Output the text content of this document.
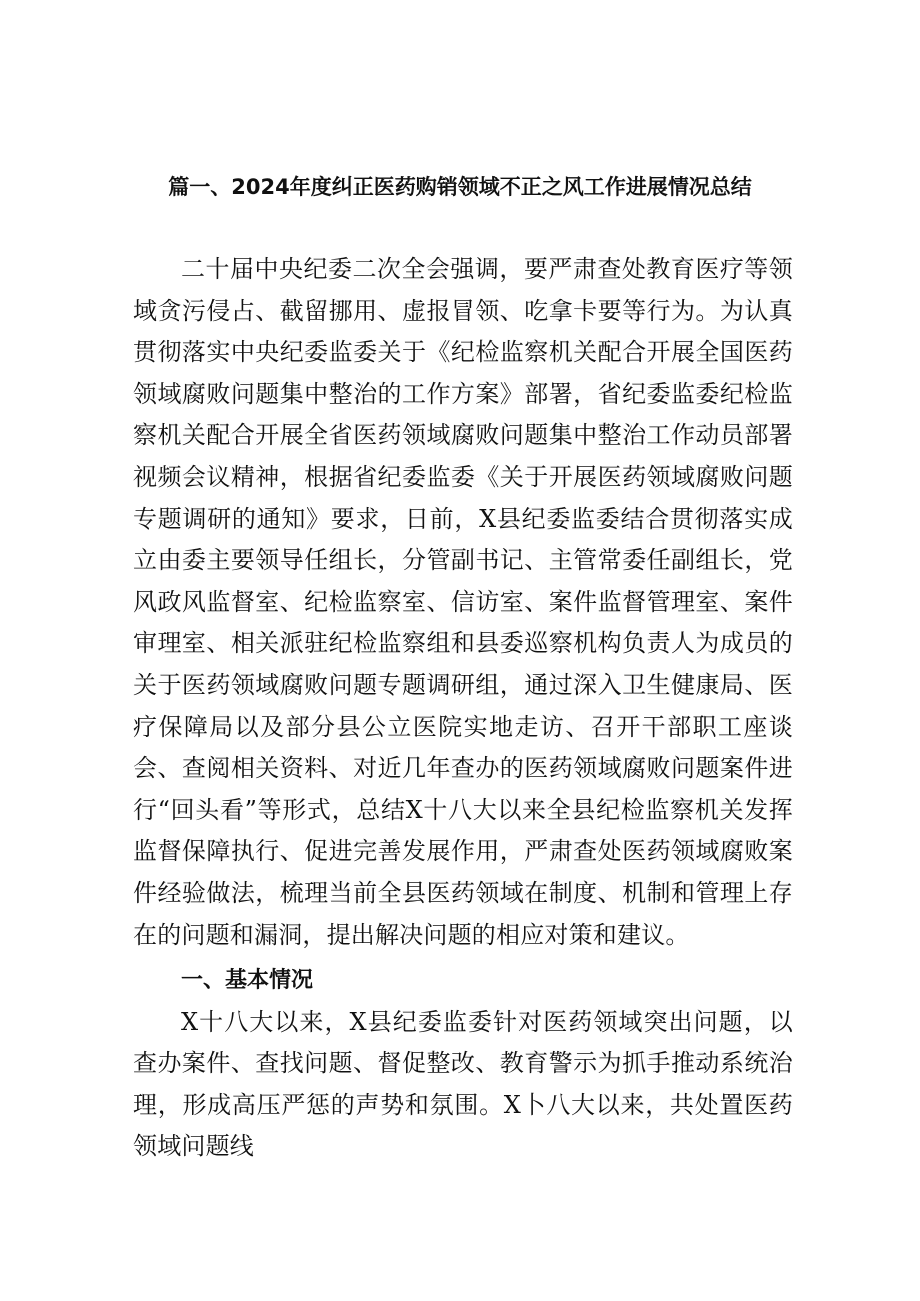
篇一、2024年度纠正医药购销领域不正之风工作进展情况总结

二十届中央纪委二次全会强调，要严肃查处教育医疗等领域贪污侵占、截留挪用、虚报冒领、吃拿卡要等行为。为认真贯彻落实中央纪委监委关于《纪检监察机关配合开展全国医药领域腐败问题集中整治的工作方案》部署，省纪委监委纪检监察机关配合开展全省医药领域腐败问题集中整治工作动员部署视频会议精神，根据省纪委监委《关于开展医药领域腐败问题专题调研的通知》要求，日前，X县纪委监委结合贯彻落实成立由委主要领导任组长，分管副书记、主管常委任副组长，党风政风监督室、纪检监察室、信访室、案件监督管理室、案件审理室、相关派驻纪检监察组和县委巡察机构负责人为成员的关于医药领域腐败问题专题调研组，通过深入卫生健康局、医疗保障局以及部分县公立医院实地走访、召开干部职工座谈会、查阅相关资料、对近几年查办的医药领域腐败问题案件进行“回头看”等形式，总结X十八大以来全县纪检监察机关发挥监督保障执行、促进完善发展作用，严肃查处医药领域腐败案件经验做法，梳理当前全县医药领域在制度、机制和管理上存在的问题和漏洞，提出解决问题的相应对策和建议。

一、基本情况

X十八大以来，X县纪委监委针对医药领域突出问题，以查办案件、查找问题、督促整改、教育警示为抓手推动系统治理，形成高压严惩的声势和氛围。X卜八大以来，共处置医药领域问题线
